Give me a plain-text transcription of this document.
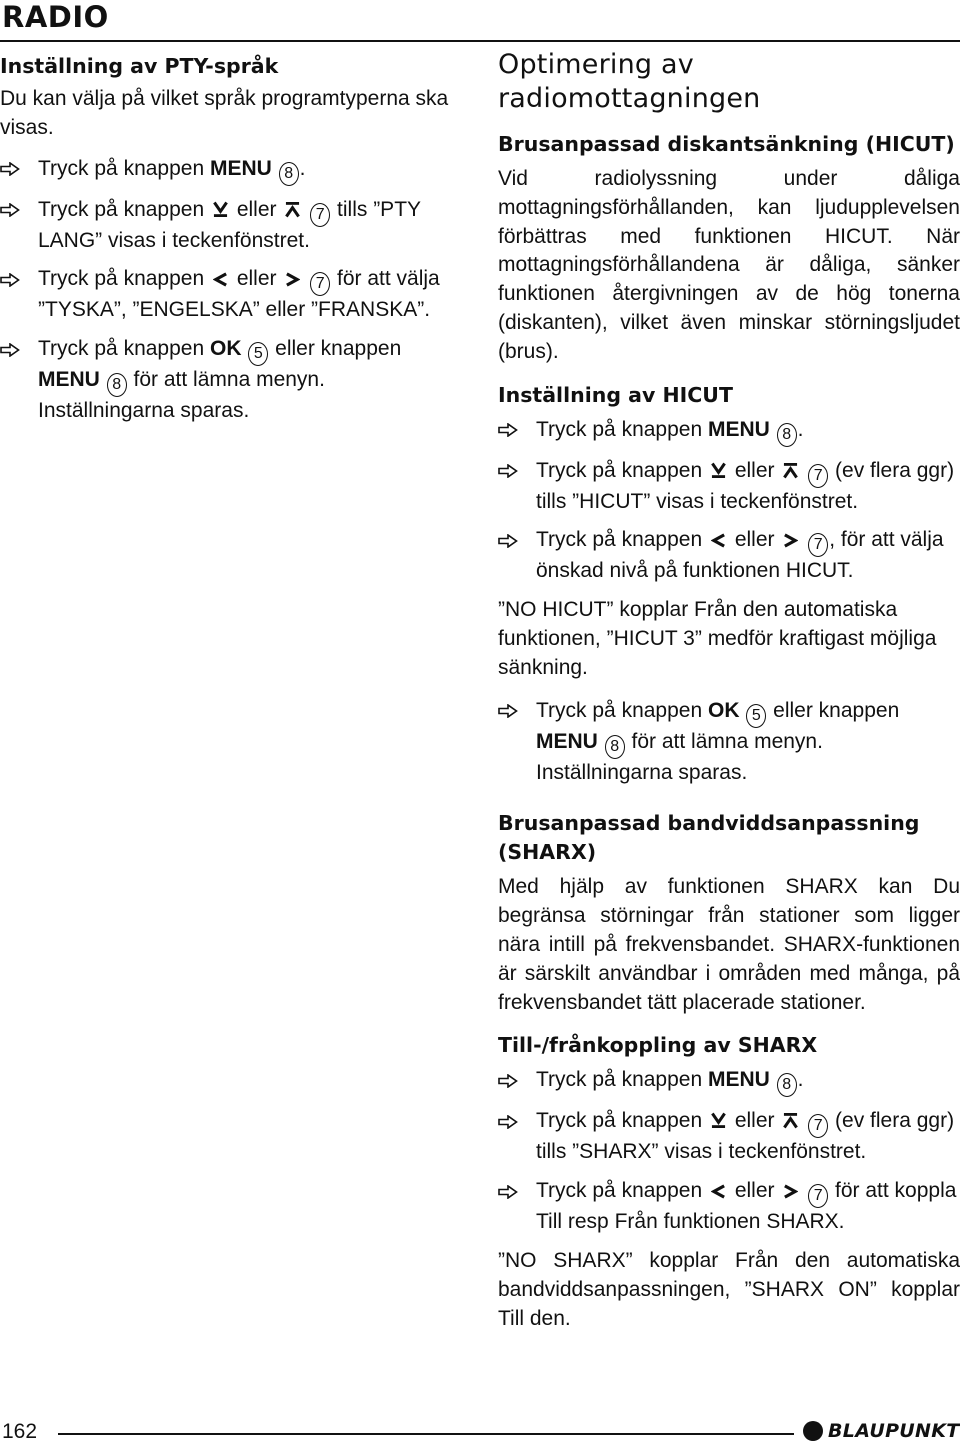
RADIO
Inställning av PTY-språk

Du kan välja på vilket språk programtyperna ska visas.

Tryck på knappen MENU 8 .
Tryck på knappen  eller  7 tills ”PTY LANG” visas i teckenfönstret.
Tryck på knappen  eller  7 för att välja ”TYSKA”, ”ENGELSKA” eller ”FRANSKA”.
Tryck på knappen OK 5 eller knappen MENU 8 för att lämna menyn. Inställningarna sparas.
Optimering av radiomottagningen
Brusanpassad diskantsänkning (HICUT)

Vid radiolyssning under dåliga mottagningsförhållanden, kan ljudupplevelsen förbättras med funktionen HICUT. När mottagningsförhållandena är dåliga, sänker funktionen återgivningen av de hög tonerna (diskanten), vilket även minskar störningsljudet (brus).

Inställning av HICUT
Tryck på knappen MENU 8 .
Tryck på knappen  eller  7 (ev flera ggr) tills ”HICUT” visas i teckenfönstret.
Tryck på knappen  eller  7 , för att välja önskad nivå på funktionen HICUT.

”NO HICUT” kopplar Från den automatiska funktionen, ”HICUT 3” medför kraftigast möjliga sänkning.

Tryck på knappen OK 5 eller knappen MENU 8 för att lämna menyn. Inställningarna sparas.
Brusanpassad bandviddsanpassning (SHARX)

Med hjälp av funktionen SHARX kan Du begränsa störningar från stationer som ligger nära intill på frekvensbandet. SHARX-funktionen är särskilt användbar i områden med många, på frekvensbandet tätt placerade stationer.

Till-/frånkoppling av SHARX
Tryck på knappen MENU 8 .
Tryck på knappen  eller  7 (ev flera ggr) tills ”SHARX” visas i teckenfönstret.
Tryck på knappen  eller  7 för att koppla Till resp Från funktionen SHARX.

”NO SHARX” kopplar Från den automatiska bandviddsanpassningen, ”SHARX ON” kopplar Till den.

162	BLAUPUNKT
